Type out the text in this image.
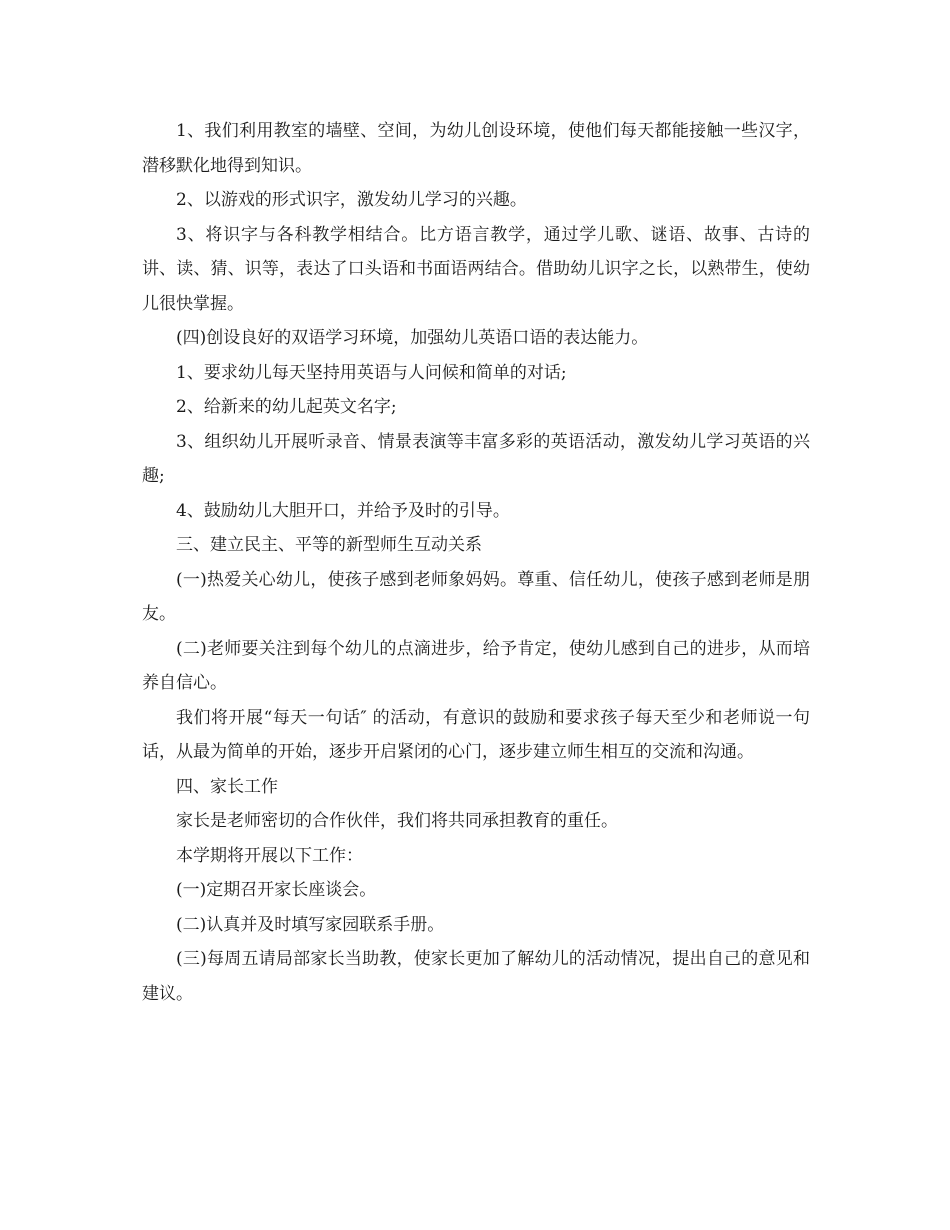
1、我们利用教室的墙壁、空间，为幼儿创设环境，使他们每天都能接触一些汉字，潜移默化地得到知识。

2、以游戏的形式识字，激发幼儿学习的兴趣。

3、将识字与各科教学相结合。比方语言教学，通过学儿歌、谜语、故事、古诗的讲、读、猜、识等，表达了口头语和书面语两结合。借助幼儿识字之长，以熟带生，使幼儿很快掌握。

(四)创设良好的双语学习环境，加强幼儿英语口语的表达能力。

1、要求幼儿每天坚持用英语与人问候和简单的对话;

2、给新来的幼儿起英文名字;

3、组织幼儿开展听录音、情景表演等丰富多彩的英语活动，激发幼儿学习英语的兴趣;

4、鼓励幼儿大胆开口，并给予及时的引导。

三、建立民主、平等的新型师生互动关系

(一)热爱关心幼儿，使孩子感到老师象妈妈。尊重、信任幼儿，使孩子感到老师是朋友。

(二)老师要关注到每个幼儿的点滴进步，给予肯定，使幼儿感到自己的进步，从而培养自信心。

我们将开展“每天一句话″ 的活动，有意识的鼓励和要求孩子每天至少和老师说一句话，从最为简单的开始，逐步开启紧闭的心门，逐步建立师生相互的交流和沟通。

四、家长工作

家长是老师密切的合作伙伴，我们将共同承担教育的重任。

本学期将开展以下工作：

(一)定期召开家长座谈会。

(二)认真并及时填写家园联系手册。

(三)每周五请局部家长当助教，使家长更加了解幼儿的活动情况，提出自己的意见和建议。
